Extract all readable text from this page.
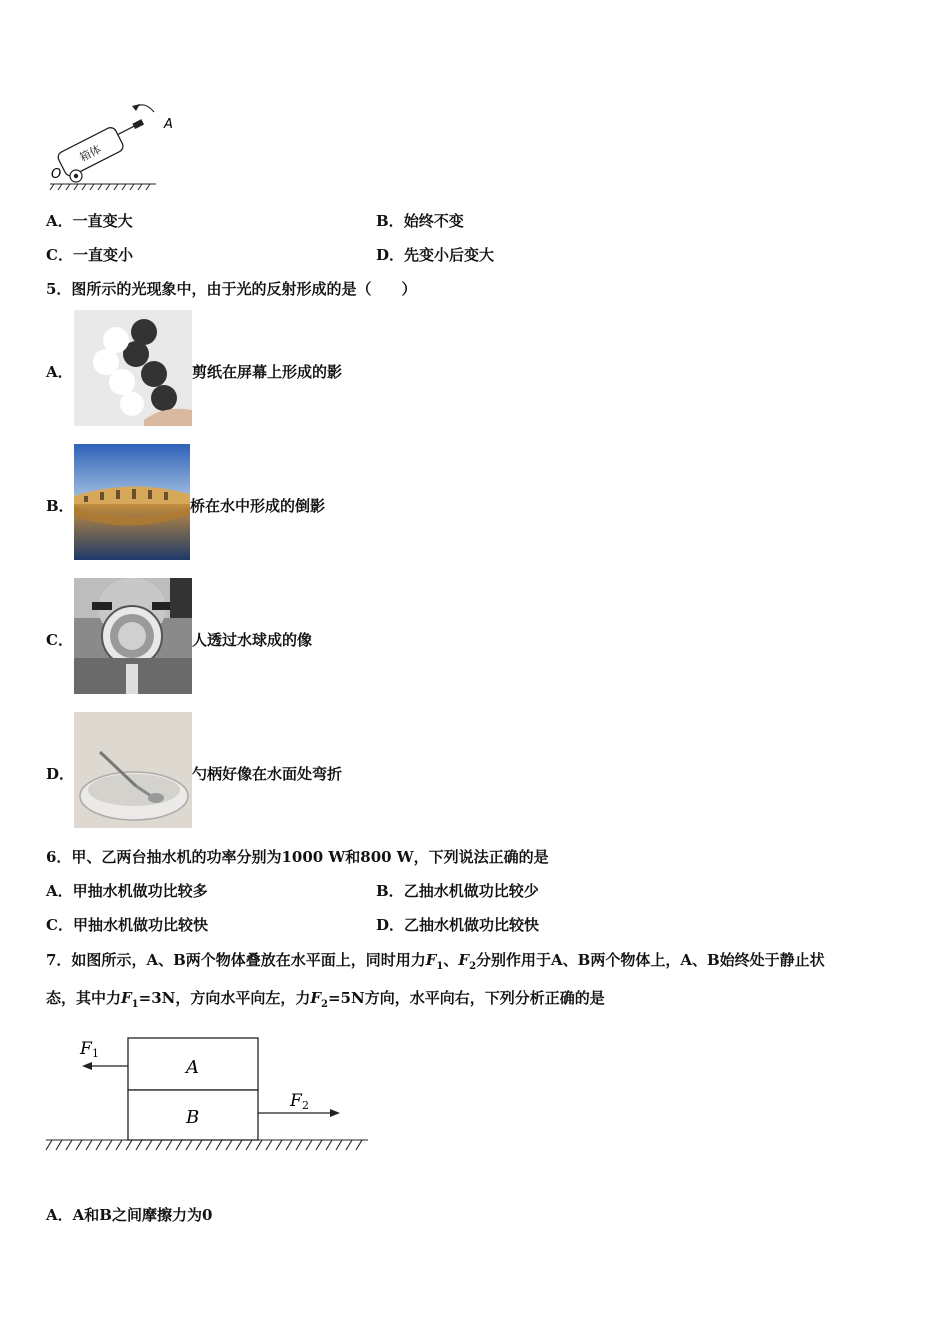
箱体
O
A
A．一直变大	B．始终不变
C．一直变小	D．先变小后变大
5．图所示的光现象中，由于光的反射形成的是（　　）
A．	剪纸在屏幕上形成的影
B．	桥在水中形成的倒影
C．	人透过水球成的像
D．	勺柄好像在水面处弯折
6．甲、乙两台抽水机的功率分别为1000 W和800 W，下列说法正确的是
A．甲抽水机做功比较多	B．乙抽水机做功比较少
C．甲抽水机做功比较快	D．乙抽水机做功比较快
7．如图所示，A、B两个物体叠放在水平面上，同时用力$F_1$、$F_2$分别作用于A、B两个物体上，A、B始终处于静止状
态，其中力$F_1=3N$，方向水平向左，力$F_2=5N$方向，水平向右，下列分析正确的是
A
B
F 1
F 2
A．A和B之间摩擦力为0
